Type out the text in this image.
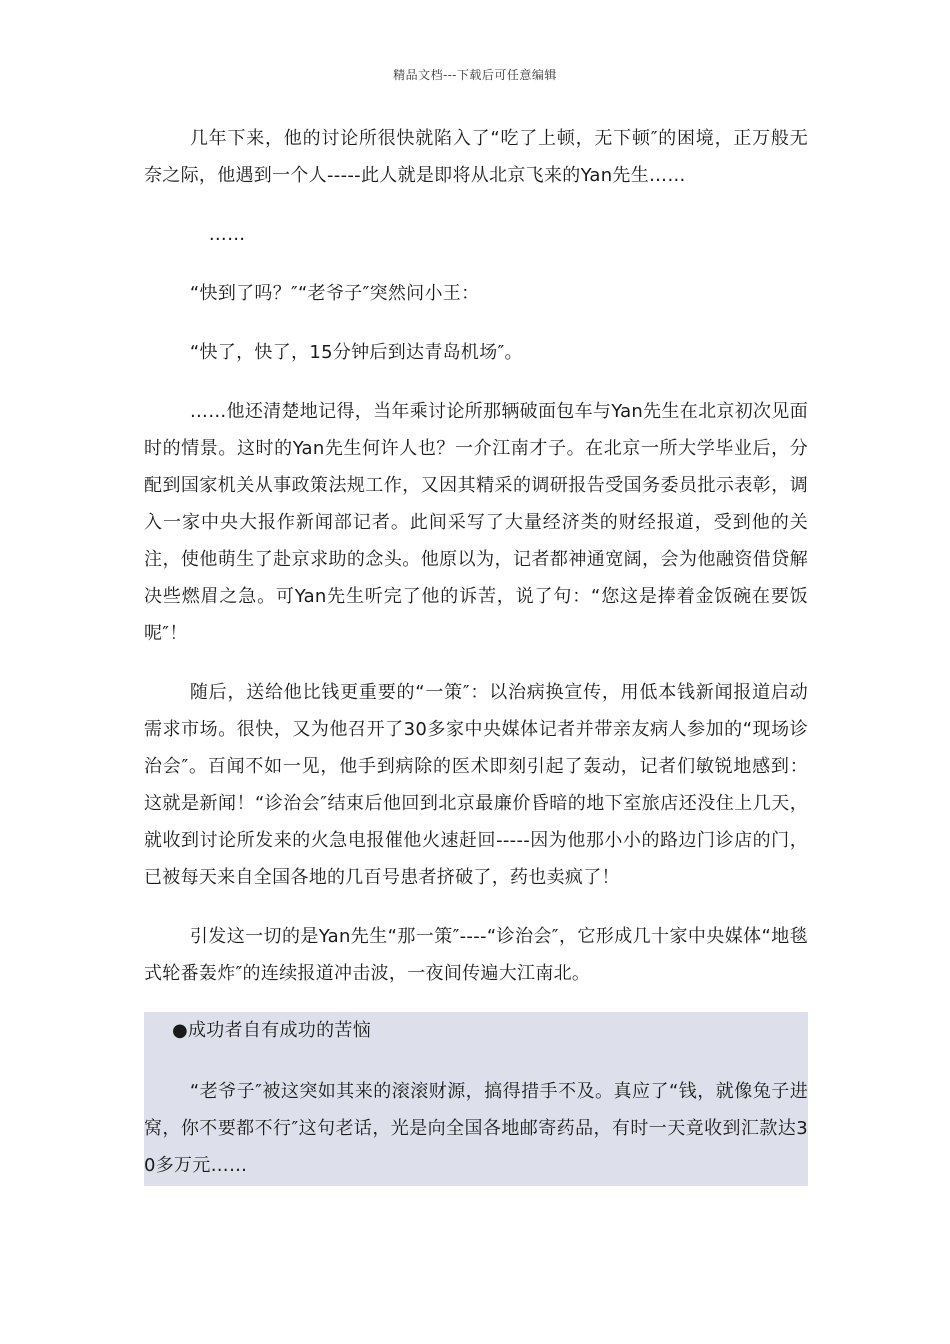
精品文档---下载后可任意编辑

几年下来，他的讨论所很快就陷入了“吃了上顿，无下顿″的困境，正万般无奈之际，他遇到一个人-----此人就是即将从北京飞来的Yan先生……

……

“快到了吗？″“老爷子″突然问小王：

“快了，快了，15分钟后到达青岛机场″。

……他还清楚地记得，当年乘讨论所那辆破面包车与Yan先生在北京初次见面时的情景。这时的Yan先生何许人也？一介江南才子。在北京一所大学毕业后，分配到国家机关从事政策法规工作，又因其精采的调研报告受国务委员批示表彰，调入一家中央大报作新闻部记者。此间采写了大量经济类的财经报道，受到他的关注，使他萌生了赴京求助的念头。他原以为，记者都神通宽阔，会为他融资借贷解决些燃眉之急。可Yan先生听完了他的诉苦，说了句：“您这是捧着金饭碗在要饭呢″！

随后，送给他比钱更重要的“一策″：以治病换宣传，用低本钱新闻报道启动需求市场。很快，又为他召开了30多家中央媒体记者并带亲友病人参加的“现场诊治会″。百闻不如一见，他手到病除的医术即刻引起了轰动，记者们敏锐地感到：这就是新闻！“诊治会″结束后他回到北京最廉价昏暗的地下室旅店还没住上几天，就收到讨论所发来的火急电报催他火速赶回-----因为他那小小的路边门诊店的门，已被每天来自全国各地的几百号患者挤破了，药也卖疯了！

引发这一切的是Yan先生“那一策″----“诊治会″，它形成几十家中央媒体“地毯式轮番轰炸″的连续报道冲击波，一夜间传遍大江南北。

●成功者自有成功的苦恼

“老爷子″被这突如其来的滚滚财源，搞得措手不及。真应了“钱，就像兔子进窝，你不要都不行″这句老话，光是向全国各地邮寄药品，有时一天竟收到汇款达30多万元……
